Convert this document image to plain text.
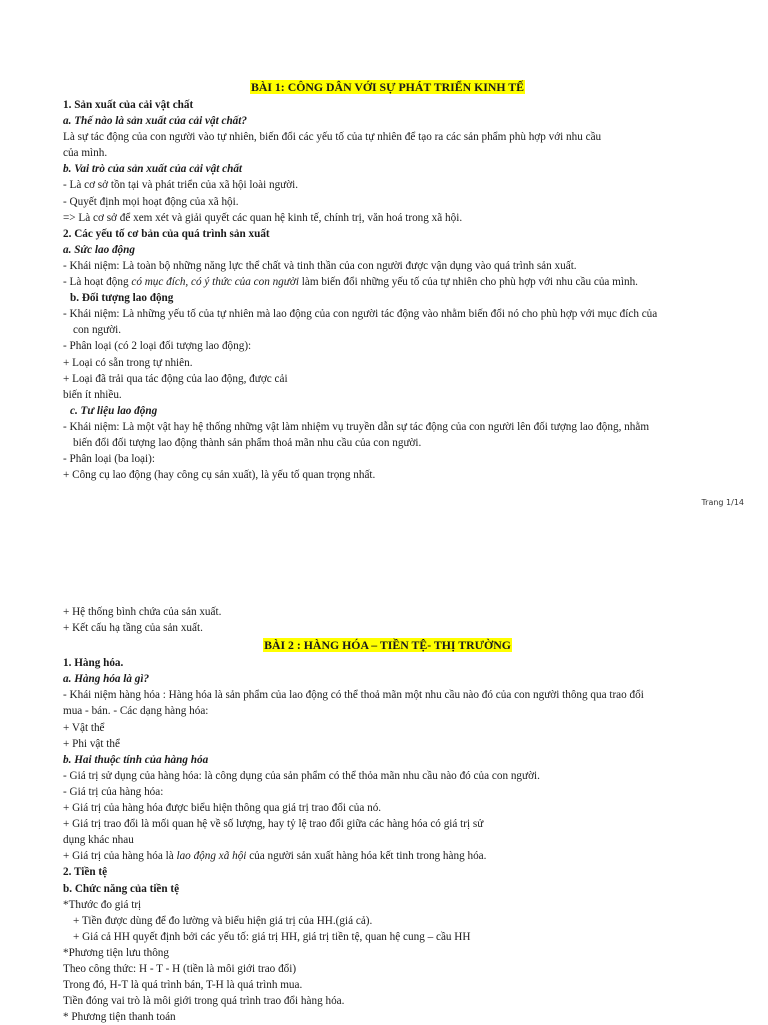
BÀI 1: CÔNG DÂN VỚI SỰ PHÁT TRIỂN KINH TẾ
1. Sản xuất của cải vật chất
a. Thế nào là sản xuất của cải vật chất?
Là sự tác động của con người vào tự nhiên, biến đổi các yếu tố của tự nhiên để tạo ra các sản phẩm phù hợp với nhu cầu
của mình.
b. Vai trò của sản xuất của cải vật chất
- Là cơ sở tồn tại và phát triển của xã hội loài người.
- Quyết định mọi hoạt động của xã hội.
=> Là cơ sở để xem xét và giải quyết các quan hệ kinh tế, chính trị, văn hoá trong xã hội.
2. Các yếu tố cơ bản của quá trình sản xuất
a. Sức lao động
- Khái niệm: Là toàn bộ những năng lực thể chất và tinh thần của con người được vận dụng vào quá trình sản xuất.
- Là hoạt động có mục đích, có ý thức của con người làm biến đổi những yếu tố của tự nhiên cho phù hợp với nhu cầu của mình.
b. Đối tượng lao động
- Khái niệm: Là những yếu tố của tự nhiên mà lao động của con người tác động vào nhằm biến đổi nó cho phù hợp với mục đích của
con người.
- Phân loại (có 2 loại đối tượng lao động):
+ Loại có sẵn trong tự nhiên.
+ Loại đã trải qua tác động của lao động, được cải
biến ít nhiều.
c. Tư liệu lao động
- Khái niệm: Là một vật hay hệ thống những vật làm nhiệm vụ truyền dẫn sự tác động của con người lên đối tượng lao động, nhằm
biến đổi đối tượng lao động thành sản phẩm thoả mãn nhu cầu của con người.
- Phân loại (ba loại):
+ Công cụ lao động (hay công cụ sản xuất), là yếu tố quan trọng nhất.
Trang 1/14
+ Hệ thống bình chứa của sản xuất.
+ Kết cấu hạ tầng của sản xuất.
BÀI 2 : HÀNG HÓA – TIỀN TỆ- THỊ TRƯỜNG
1. Hàng hóa.
a. Hàng hóa là gì?
- Khái niệm hàng hóa : Hàng hóa là sản phẩm của lao động có thể thoả mãn một nhu cầu nào đó của con người thông qua trao đổi
mua - bán. - Các dạng hàng hóa:
+ Vật thể
+ Phi vật thể
b. Hai thuộc tính của hàng hóa
- Giá trị sử dụng của hàng hóa: là công dụng của sản phẩm có thể thỏa mãn nhu cầu nào đó của con người.
- Giá trị của hàng hóa:
+ Giá trị của hàng hóa được biểu hiện thông qua giá trị trao đổi của nó.
+ Giá trị trao đổi là mối quan hệ về số lượng, hay tỷ lệ trao đổi giữa các hàng hóa có giá trị sử
dụng khác nhau
+ Giá trị của hàng hóa là lao động xã hội của người sản xuất hàng hóa kết tinh trong hàng hóa.
2. Tiền tệ
b. Chức năng của tiền tệ
*Thước đo giá trị
+ Tiền được dùng để đo lường và biểu hiện giá trị của HH.(giá cả).
+ Giá cả HH quyết định bởi các yếu tố: giá trị HH, giá trị tiền tệ, quan hệ cung – cầu HH
*Phương tiện lưu thông
Theo công thức: H - T - H (tiền là môi giới trao đổi)
Trong đó, H-T là quá trình bán, T-H là quá trình mua.
Tiền đóng vai trò là môi giới trong quá trình trao đổi hàng hóa.
* Phương tiện thanh toán
